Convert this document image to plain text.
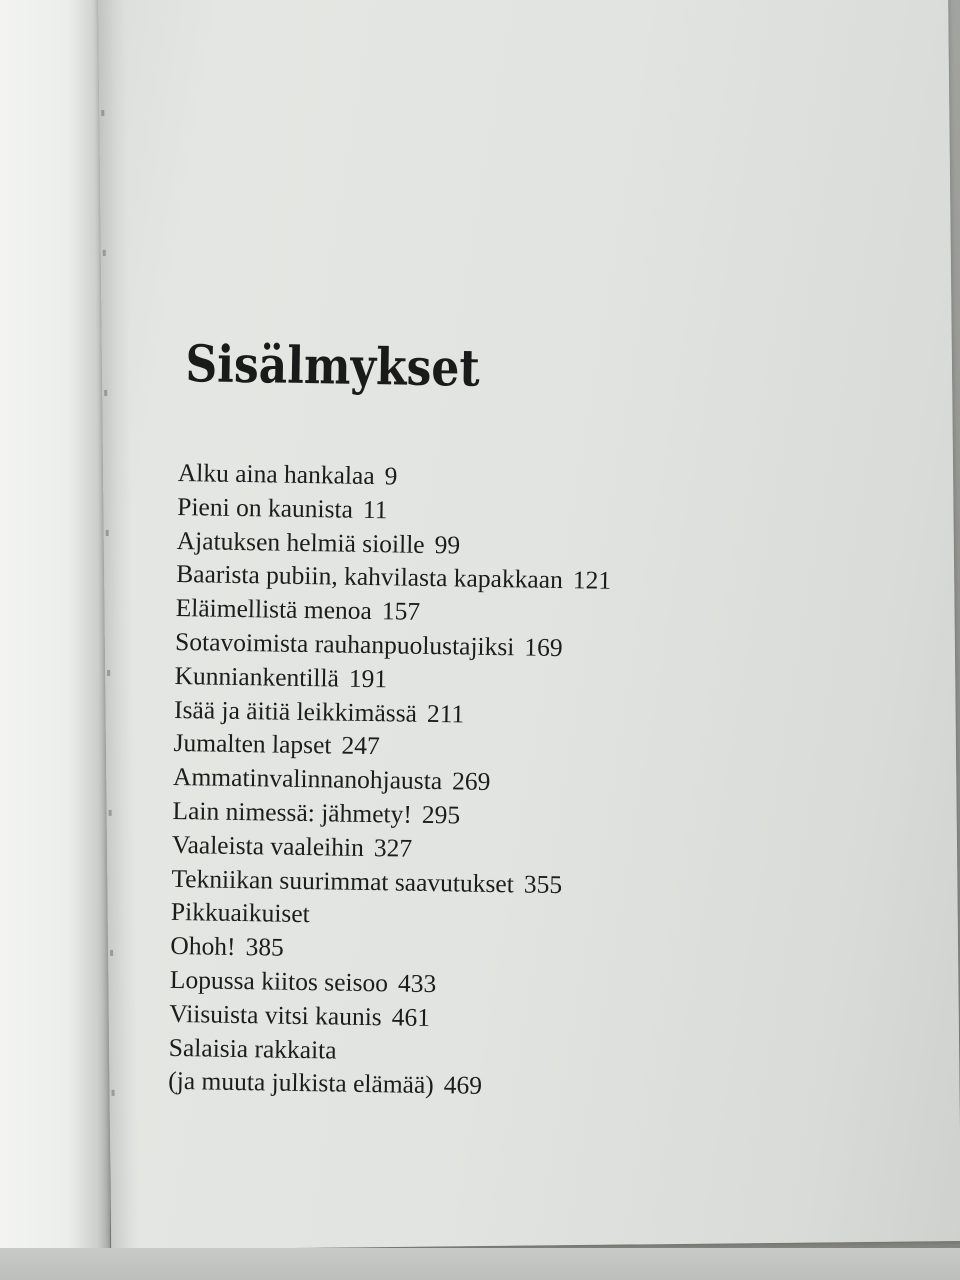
Sisälmykset
Alku aina hankalaa 9
Pieni on kaunista 11
Ajatuksen helmiä sioille 99
Baarista pubiin, kahvilasta kapakkaan 121
Eläimellistä menoa 157
Sotavoimista rauhanpuolustajiksi 169
Kunniankentillä 191
Isää ja äitiä leikkimässä 211
Jumalten lapset 247
Ammatinvalinnanohjausta 269
Lain nimessä: jähmety! 295
Vaaleista vaaleihin 327
Tekniikan suurimmat saavutukset 355
Pikkuaikuiset
Ohoh! 385
Lopussa kiitos seisoo 433
Viisuista vitsi kaunis 461
Salaisia rakkaita
(ja muuta julkista elämää) 469
